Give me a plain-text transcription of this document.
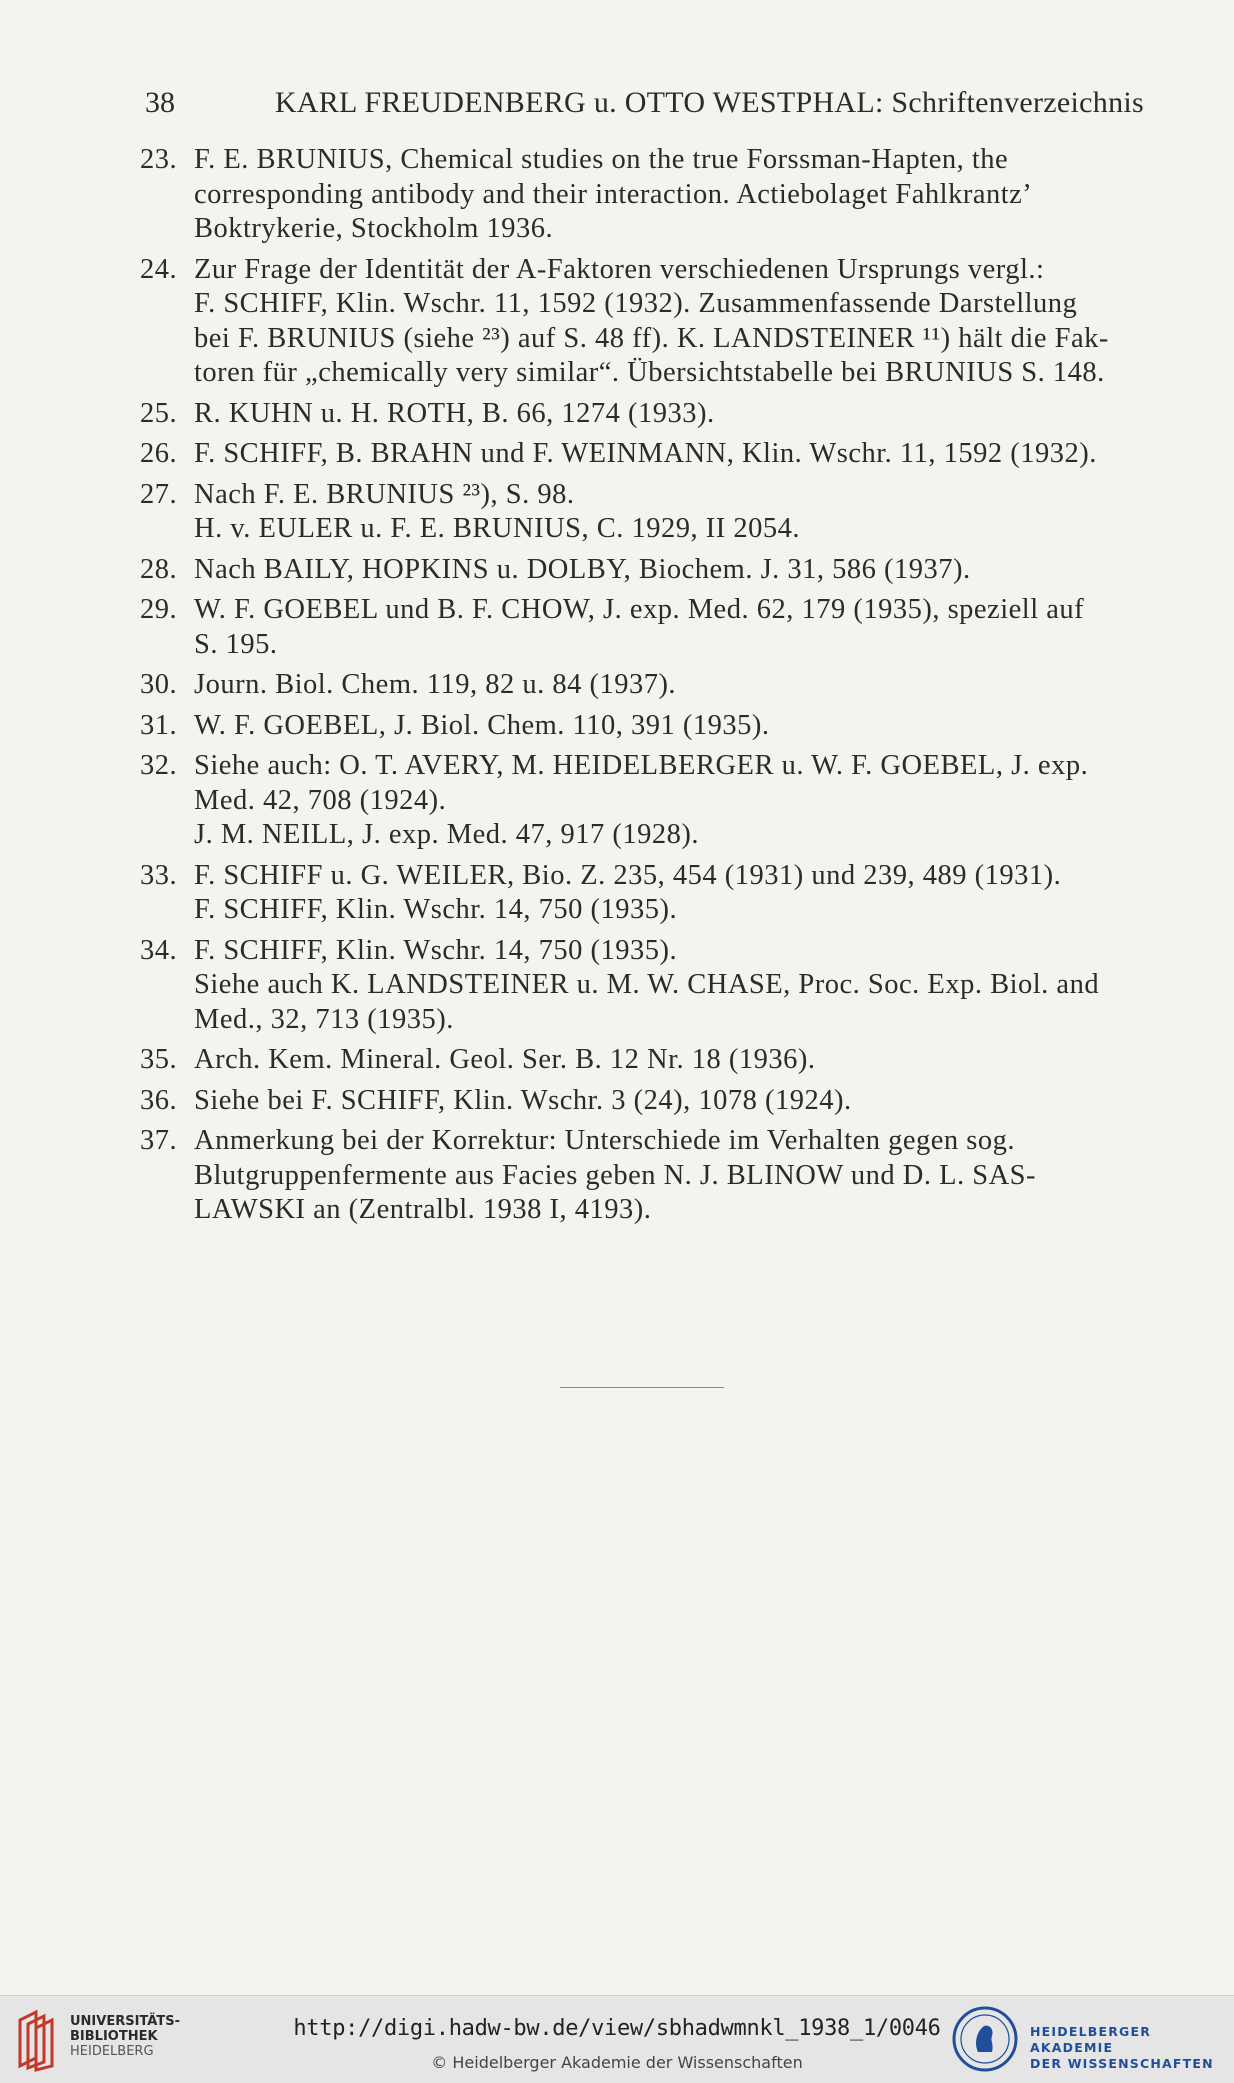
38	KARL FREUDENBERG u. OTTO WESTPHAL: Schriftenverzeichnis
23. F. E. BRUNIUS, Chemical studies on the true Forssman-Hapten, the
corresponding antibody and their interaction. Actiebolaget Fahlkrantz’
Boktrykerie, Stockholm 1936.
24. Zur Frage der Identität der A-Faktoren verschiedenen Ursprungs vergl.:
F. SCHIFF, Klin. Wschr. 11, 1592 (1932). Zusammenfassende Darstellung
bei F. BRUNIUS (siehe ²³) auf S. 48 ff). K. LANDSTEINER ¹¹) hält die Fak-
toren für „chemically very similar“. Übersichtstabelle bei BRUNIUS S. 148.
25. R. KUHN u. H. ROTH, B. 66, 1274 (1933).
26. F. SCHIFF, B. BRAHN und F. WEINMANN, Klin. Wschr. 11, 1592 (1932).
27. Nach F. E. BRUNIUS ²³), S. 98.
H. v. EULER u. F. E. BRUNIUS, C. 1929, II 2054.
28. Nach BAILY, HOPKINS u. DOLBY, Biochem. J. 31, 586 (1937).
29. W. F. GOEBEL und B. F. CHOW, J. exp. Med. 62, 179 (1935), speziell auf
S. 195.
30. Journ. Biol. Chem. 119, 82 u. 84 (1937).
31. W. F. GOEBEL, J. Biol. Chem. 110, 391 (1935).
32. Siehe auch: O. T. AVERY, M. HEIDELBERGER u. W. F. GOEBEL, J. exp.
Med. 42, 708 (1924).
J. M. NEILL, J. exp. Med. 47, 917 (1928).
33. F. SCHIFF u. G. WEILER, Bio. Z. 235, 454 (1931) und 239, 489 (1931).
F. SCHIFF, Klin. Wschr. 14, 750 (1935).
34. F. SCHIFF, Klin. Wschr. 14, 750 (1935).
Siehe auch K. LANDSTEINER u. M. W. CHASE, Proc. Soc. Exp. Biol. and
Med., 32, 713 (1935).
35. Arch. Kem. Mineral. Geol. Ser. B. 12 Nr. 18 (1936).
36. Siehe bei F. SCHIFF, Klin. Wschr. 3 (24), 1078 (1924).
37. Anmerkung bei der Korrektur: Unterschiede im Verhalten gegen sog.
Blutgruppenfermente aus Facies geben N. J. BLINOW und D. L. SAS-
LAWSKI an (Zentralbl. 1938 I, 4193).
UNIVERSITÄTS-
BIBLIOTHEK
HEIDELBERG
http://digi.hadw-bw.de/view/sbhadwmnkl_1938_1/0046
© Heidelberger Akademie der Wissenschaften
HEIDELBERGER AKADEMIE
DER WISSENSCHAFTEN
